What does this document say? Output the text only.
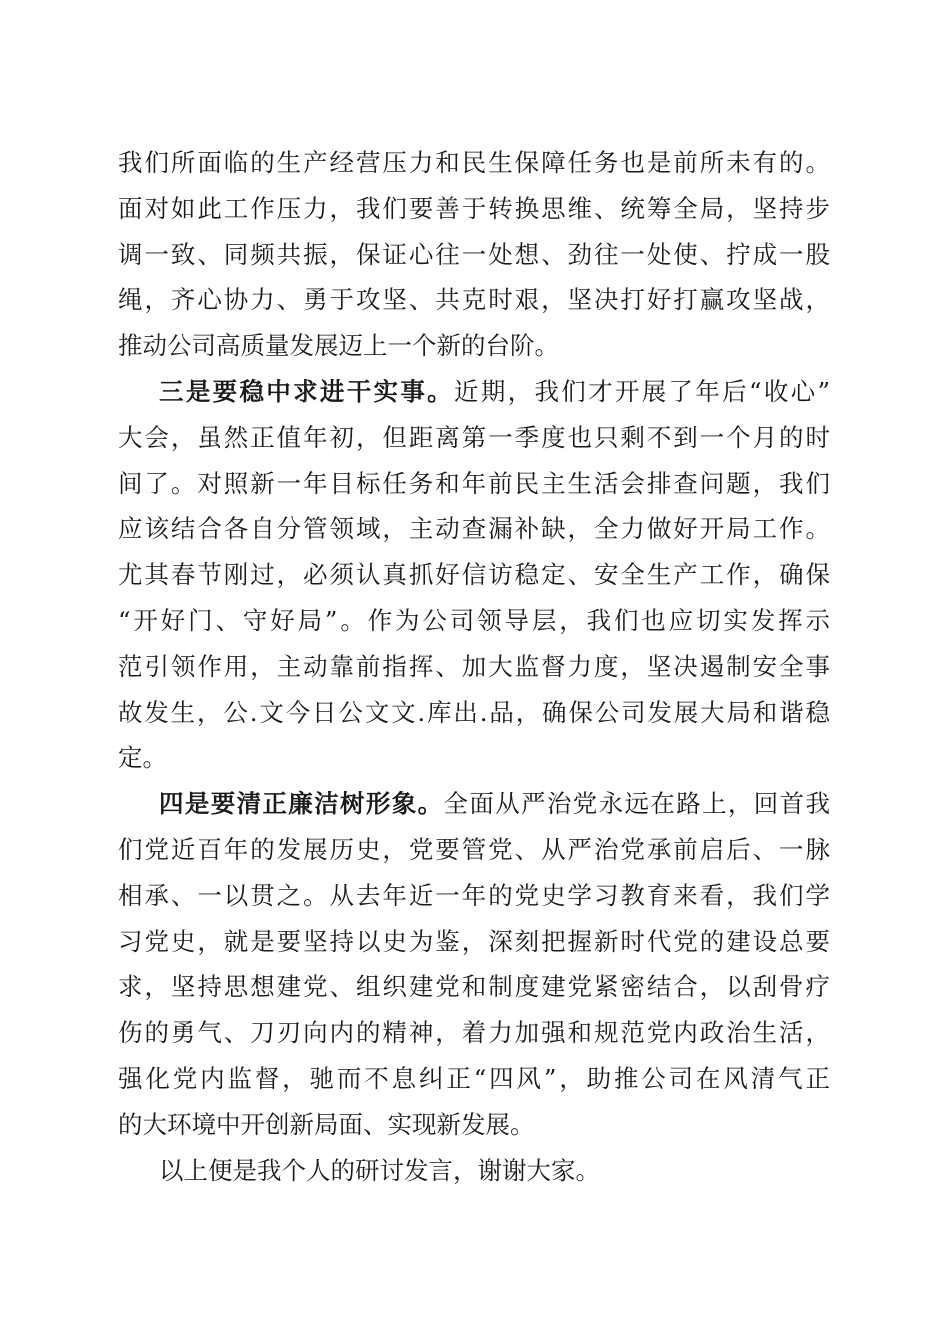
我们所面临的生产经营压力和民生保障任务也是前所未有的。
面对如此工作压力，我们要善于转换思维、统筹全局，坚持步
调一致、同频共振，保证心往一处想、劲往一处使、拧成一股
绳，齐心协力、勇于攻坚、共克时艰，坚决打好打赢攻坚战，
推动公司高质量发展迈上一个新的台阶。
三是要稳中求进干实事。近期，我们才开展了年后“收心”
大会，虽然正值年初，但距离第一季度也只剩不到一个月的时
间了。对照新一年目标任务和年前民主生活会排查问题，我们
应该结合各自分管领域，主动查漏补缺，全力做好开局工作。
尤其春节刚过，必须认真抓好信访稳定、安全生产工作，确保
“开好门、守好局”。作为公司领导层，我们也应切实发挥示
范引领作用，主动靠前指挥、加大监督力度，坚决遏制安全事
故发生，公.文今日公文文.库出.品，确保公司发展大局和谐稳
定。
四是要清正廉洁树形象。全面从严治党永远在路上，回首我
们党近百年的发展历史，党要管党、从严治党承前启后、一脉
相承、一以贯之。从去年近一年的党史学习教育来看，我们学
习党史，就是要坚持以史为鉴，深刻把握新时代党的建设总要
求，坚持思想建党、组织建党和制度建党紧密结合，以刮骨疗
伤的勇气、刀刃向内的精神，着力加强和规范党内政治生活，
强化党内监督，驰而不息纠正“四风”，助推公司在风清气正
的大环境中开创新局面、实现新发展。
以上便是我个人的研讨发言，谢谢大家。
